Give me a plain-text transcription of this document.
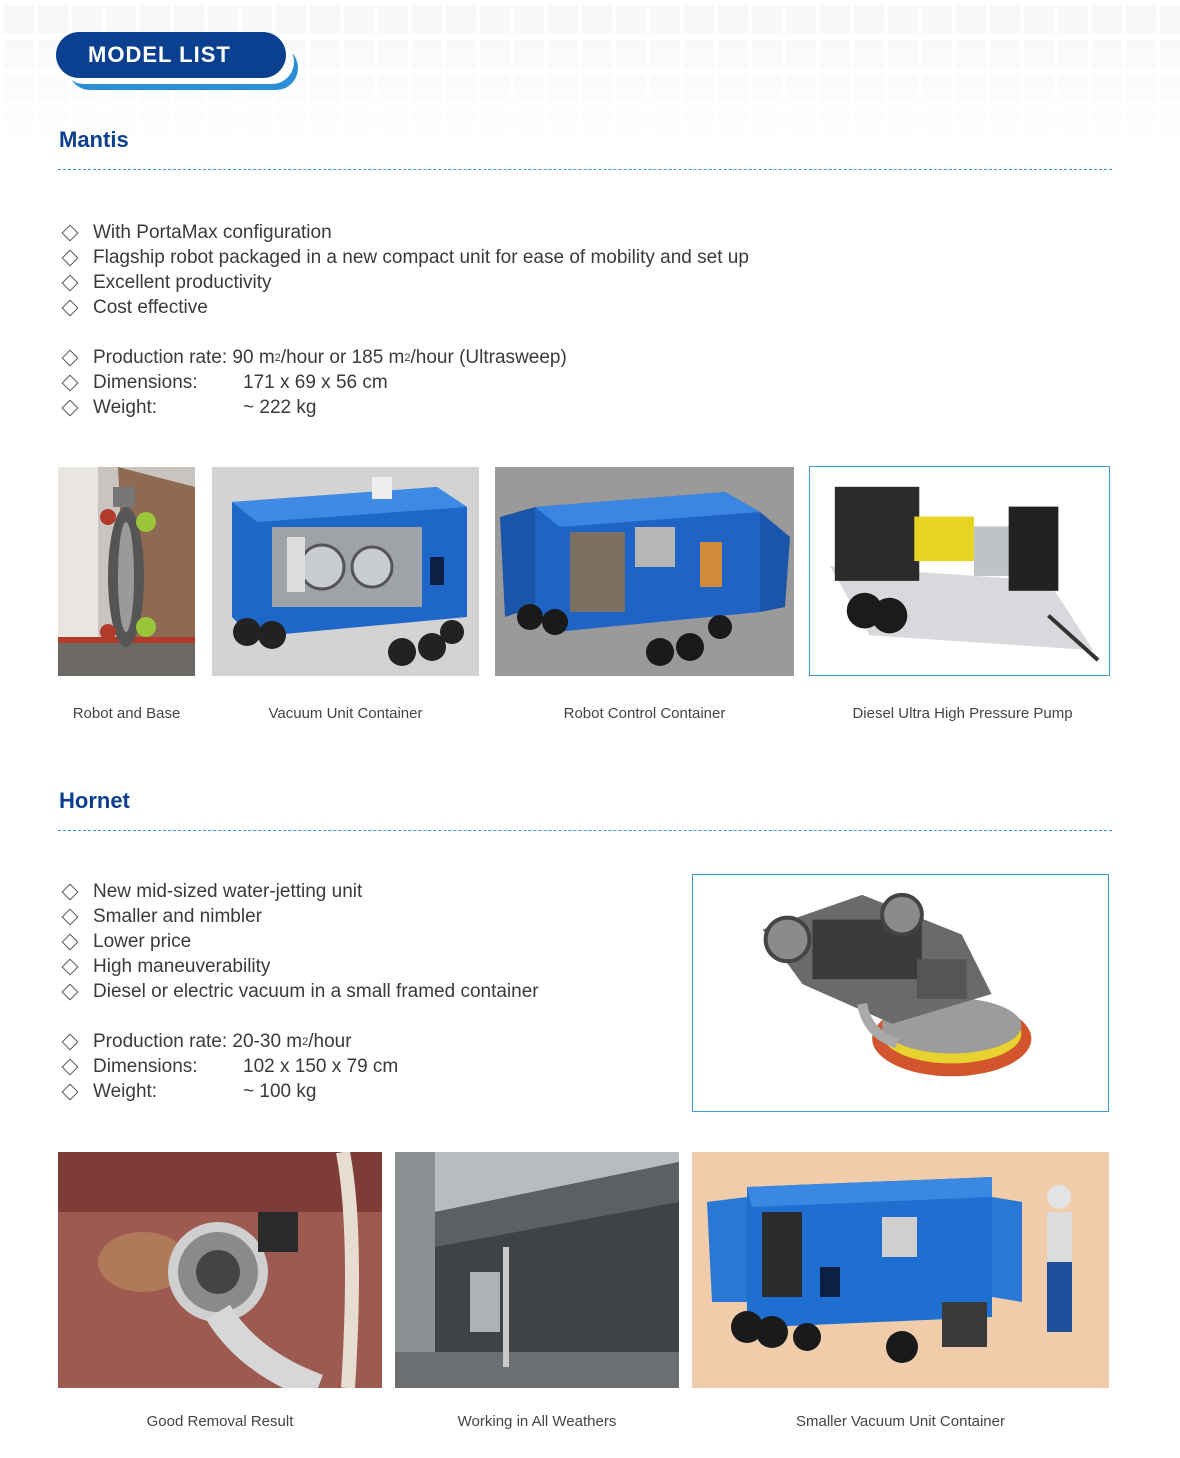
MODEL LIST
Mantis
With PortaMax configuration
Flagship robot packaged in a new compact unit for ease of mobility and set up
Excellent productivity
Cost effective
Production rate:
90 m 2 /hour or 185 m 2 /hour (Ultrasweep)
Dimensions:	171 x 69 x 56 cm
Weight:	~ 222 kg
Robot and Base	Vacuum Unit Container	Robot Control Container	Diesel Ultra High Pressure Pump
Hornet
New mid-sized water-jetting unit
Smaller and nimbler
Lower price
High maneuverability
Diesel or electric vacuum in a small framed container
Production rate:
20-30 m 2 /hour
Dimensions:	102 x 150 x 79 cm
Weight:	~ 100 kg
Good Removal Result	Working in All Weathers	Smaller Vacuum Unit Container
